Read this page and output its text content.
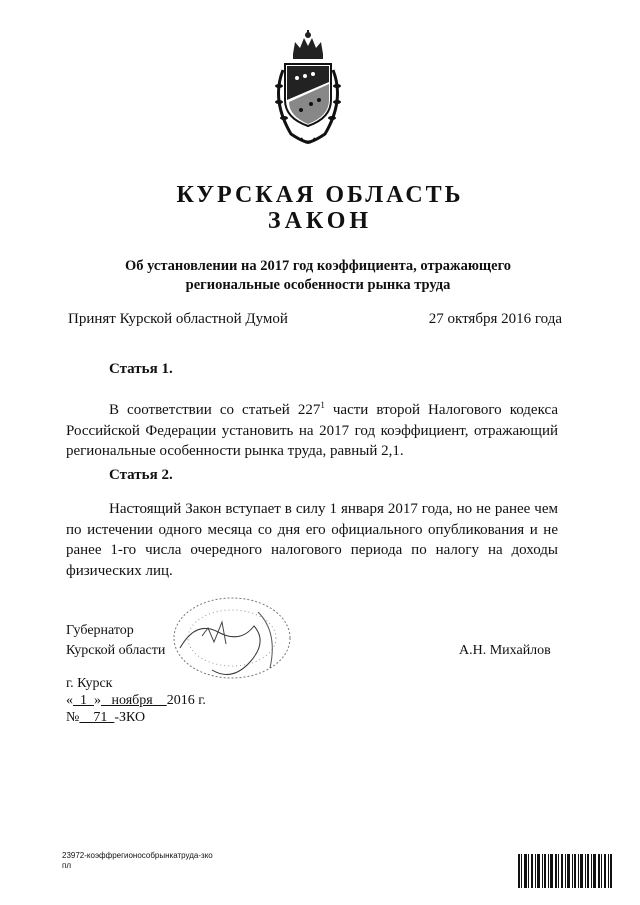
КУРСКАЯ ОБЛАСТЬ
ЗАКОН
Об установлении на 2017 год коэффициента, отражающего
региональные особенности рынка труда
Принят Курской областной Думой	27 октября 2016 года
Статья 1.
В соответствии со статьей $227^1$ части второй Налогового кодекса Российской Федерации установить на 2017 год коэффициент, отражающий региональные особенности рынка труда, равный 2,1.
Статья 2.
Настоящий Закон вступает в силу 1 января 2017 года, но не ранее чем по истечении одного месяца со дня его официального опубликования и не ранее 1-го числа очередного налогового периода по налогу на доходы физических лиц.
Губернатор
Курской области	А.Н. Михайлов
г. Курск
« 1 » ноября 2016 г.
№ 71 -ЗКО
23972-коэффрегионособрынкатруда-зко
пл
